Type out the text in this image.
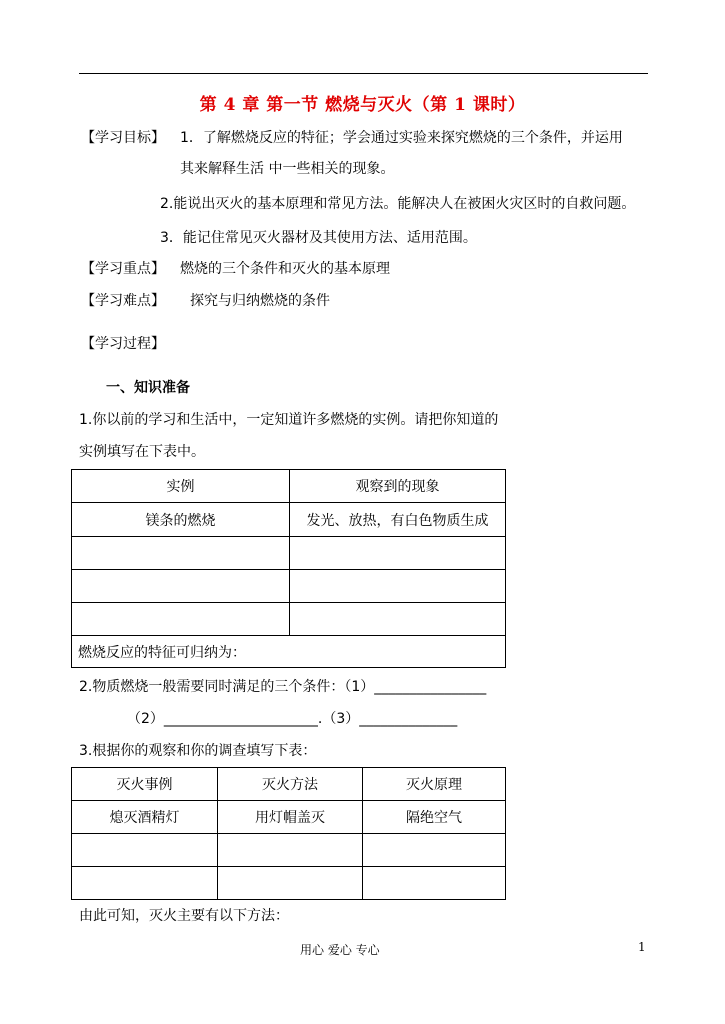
第 4 章 第一节 燃烧与灭火（第 1 课时）
【学习目标】 1．了解燃烧反应的特征；学会通过实验来探究燃烧的三个条件，并运用
其来解释生活 中一些相关的现象。
2.能说出灭火的基本原理和常见方法。能解决人在被困火灾区时的自救问题。
3．能记住常见灭火器材及其使用方法、适用范围。
【学习重点】 燃烧的三个条件和灭火的基本原理
【学习难点】 探究与归纳燃烧的条件
【学习过程】
一、知识准备
1.你以前的学习和生活中，一定知道许多燃烧的实例。请把你知道的
实例填写在下表中。
实例	观察到的现象
镁条的燃烧	发光、放热，有白色物质生成

燃烧反应的特征可归纳为：	
2.物质燃烧一般需要同时满足的三个条件：（1）________________
（2）______________________.（3）______________
3.根据你的观察和你的调查填写下表：
灭火事例	灭火方法	灭火原理
熄灭酒精灯	用灯帽盖灭	隔绝空气

由此可知，灭火主要有以下方法：
用心 爱心 专心	1
